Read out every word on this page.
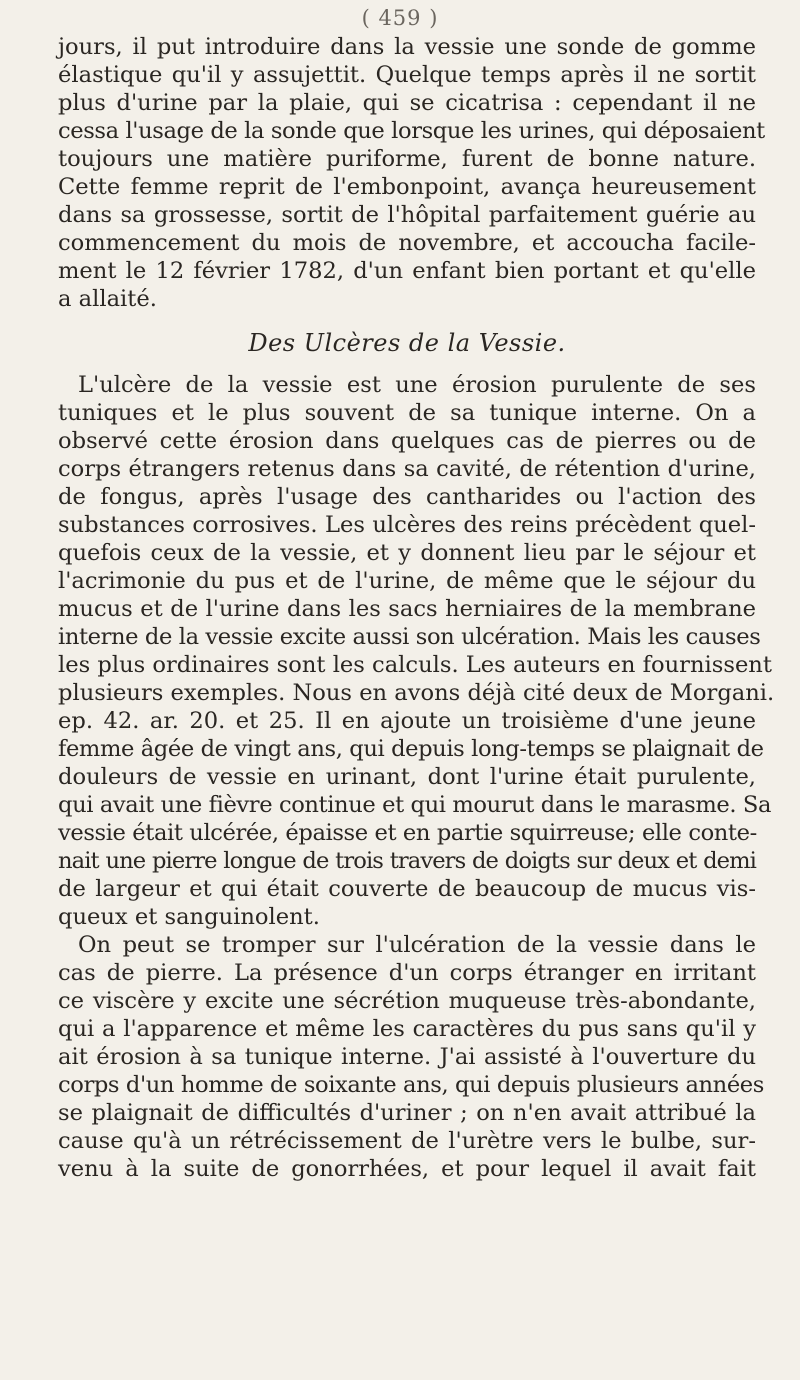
( 459 )
jours, il put introduire dans la vessie une sonde de gomme
élastique qu'il y assujettit. Quelque temps après il ne sortit
plus d'urine par la plaie, qui se cicatrisa : cependant il ne
cessa l'usage de la sonde que lorsque les urines, qui déposaient
toujours une matière puriforme, furent de bonne nature.
Cette femme reprit de l'embonpoint, avança heureusement
dans sa grossesse, sortit de l'hôpital parfaitement guérie au
commencement du mois de novembre, et accoucha facile-
ment le 12 février 1782, d'un enfant bien portant et qu'elle
a allaité.
Des Ulcères de la Vessie.
L'ulcère de la vessie est une érosion purulente de ses
tuniques et le plus souvent de sa tunique interne. On a
observé cette érosion dans quelques cas de pierres ou de
corps étrangers retenus dans sa cavité, de rétention d'urine,
de fongus, après l'usage des cantharides ou l'action des
substances corrosives. Les ulcères des reins précèdent quel-
quefois ceux de la vessie, et y donnent lieu par le séjour et
l'acrimonie du pus et de l'urine, de même que le séjour du
mucus et de l'urine dans les sacs herniaires de la membrane
interne de la vessie excite aussi son ulcération. Mais les causes
les plus ordinaires sont les calculs. Les auteurs en fournissent
plusieurs exemples. Nous en avons déjà cité deux de Morgani.
ep. 42. ar. 20. et 25. Il en ajoute un troisième d'une jeune
femme âgée de vingt ans, qui depuis long-temps se plaignait de
douleurs de vessie en urinant, dont l'urine était purulente,
qui avait une fièvre continue et qui mourut dans le marasme. Sa
vessie était ulcérée, épaisse et en partie squirreuse; elle conte-
nait une pierre longue de trois travers de doigts sur deux et demi
de largeur et qui était couverte de beaucoup de mucus vis-
queux et sanguinolent.
On peut se tromper sur l'ulcération de la vessie dans le
cas de pierre. La présence d'un corps étranger en irritant
ce viscère y excite une sécrétion muqueuse très-abondante,
qui a l'apparence et même les caractères du pus sans qu'il y
ait érosion à sa tunique interne. J'ai assisté à l'ouverture du
corps d'un homme de soixante ans, qui depuis plusieurs années
se plaignait de difficultés d'uriner ; on n'en avait attribué la
cause qu'à un rétrécissement de l'urètre vers le bulbe, sur-
venu à la suite de gonorrhées, et pour lequel il avait fait
